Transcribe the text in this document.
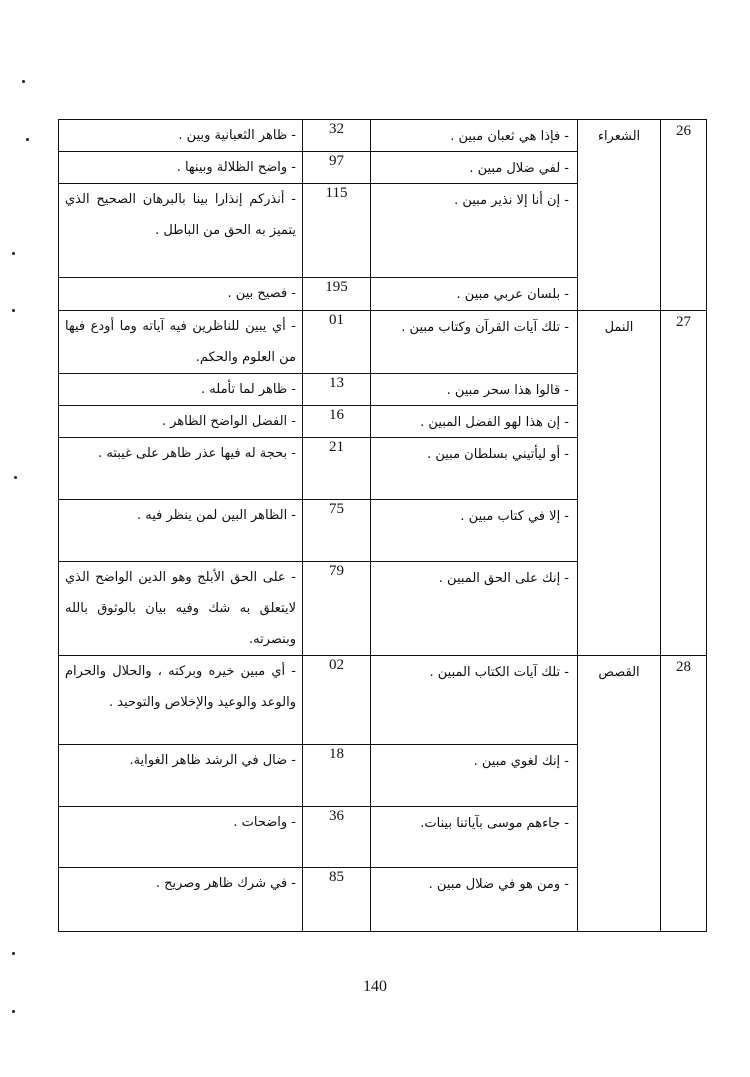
26	الشعراء	- فإذا هي ثعبان مبين .	32	- ظاهر الثعبانية وبين .
		- لفي ضلال مبين .	97	- واضح الظلالة وبينها .
		- إن أنا إلا نذير مبين .	115	- أنذركم إنذارا بينا بالبرهان الصحيح الذي يتميز به الحق من الباطل .
		- بلسان عربي مبين .	195	- فصيح بين .
27	النمل	- تلك آيات القرآن وكتاب مبين .	01	- أي يبين للناظرين فيه آياته وما أودع فيها من العلوم والحكم.
		- قالوا هذا سحر مبين .	13	- ظاهر لما تأمله .
		- إن هذا لهو الفضل المبين .	16	- الفضل الواضح الظاهر .
		- أو ليأتيني بسلطان مبين .	21	- بحجة له فيها عذر ظاهر على غيبته .
		- إلا في كتاب مبين .	75	- الظاهر البين لمن ينظر فيه .
		- إنك على الحق المبين .	79	- على الحق الأبلج وهو الدين الواضح الذي لايتعلق به شك وفيه بيان بالوثوق بالله وبنصرته.
28	القصص	- تلك آيات الكتاب المبين .	02	- أي مبين خيره وبركته ، والحلال والحرام والوعد والوعيد والإخلاص والتوحيد .
		- إنك لغوي مبين .	18	- ضال في الرشد ظاهر الغواية.
		- جاءهم موسى بآياتنا بينات.	36	- واضحات .
		- ومن هو في ضلال مبين .	85	- في شرك ظاهر وصريح .
140
